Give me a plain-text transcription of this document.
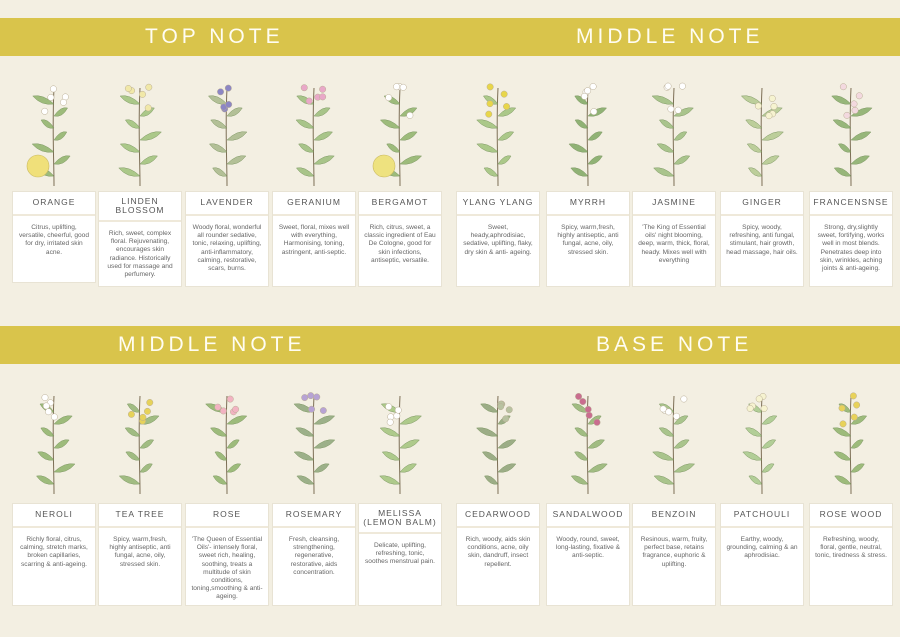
TOP NOTE	MIDDLE NOTE
MIDDLE NOTE	BASE NOTE
ORANGE
Citrus, uplifting, versatile, cheerful, good for dry, irritated skin acne.
LINDEN BLOSSOM
Rich, sweet, complex floral. Rejuvenating, encourages skin radiance. Historically used for massage and perfumery.
LAVENDER
Woody floral, wonderful all rounder sedative, tonic, relaxing, uplifting, anti-inflammatory, calming, restorative, scars, burns.
GERANIUM
Sweet, floral, mixes well with everything, Harmonising, toning, astringent, anti-septic.
BERGAMOT
Rich, citrus, sweet, a classic ingredient of Eau De Cologne, good for skin infections, antiseptic, versatile.
YLANG YLANG
Sweet, heady,aphrodisiac, sedative, uplifting, flaky, dry skin & anti- ageing.
MYRRH
Spicy, warm,fresh, highly antiseptic, anti fungal, acne, oily, stressed skin.
JASMINE
'The King of Essential oils' night blooming, deep, warm, thick, floral, heady. Mixes well with everything
GINGER
Spicy, woody, refreshing, anti fungal, stimulant, hair growth, head massage, hair oils.
FRANCENSNSE
Strong, dry,slightly sweet, fortifying, works well in most blends. Penetrates deep into skin, wrinkles, aching joints & anti-ageing.
NEROLI
Richly floral, citrus, calming, stretch marks, broken capillaries, scarring & anti-ageing.
TEA TREE
Spicy, warm,fresh, highly antiseptic, anti fungal, acne, oily, stressed skin.
ROSE
'The Queen of Essential Oils'- intensely floral, sweet rich, healing, soothing, treats a multitude of skin conditions, toning,smoothing & anti-ageing.
ROSEMARY
Fresh, cleansing, strengthening, regenerative, restorative, aids concentration.
MELISSA (LEMON BALM)
Delicate, uplifting, refreshing, tonic, soothes menstrual pain.
CEDARWOOD
Rich, woody, aids skin conditions, acne, oily skin, dandruff, insect repellent.
SANDALWOOD
Woody, round, sweet, long-lasting, fixative & anti-septic.
BENZOIN
Resinous, warm, fruity, perfect base, retains fragrance, euphoric & uplifting.
PATCHOULI
Earthy, woody, grounding, calming & an aphrodisiac.
ROSE WOOD
Refreshing, woody, floral, gentle, neutral, tonic, tiredness & stress.
